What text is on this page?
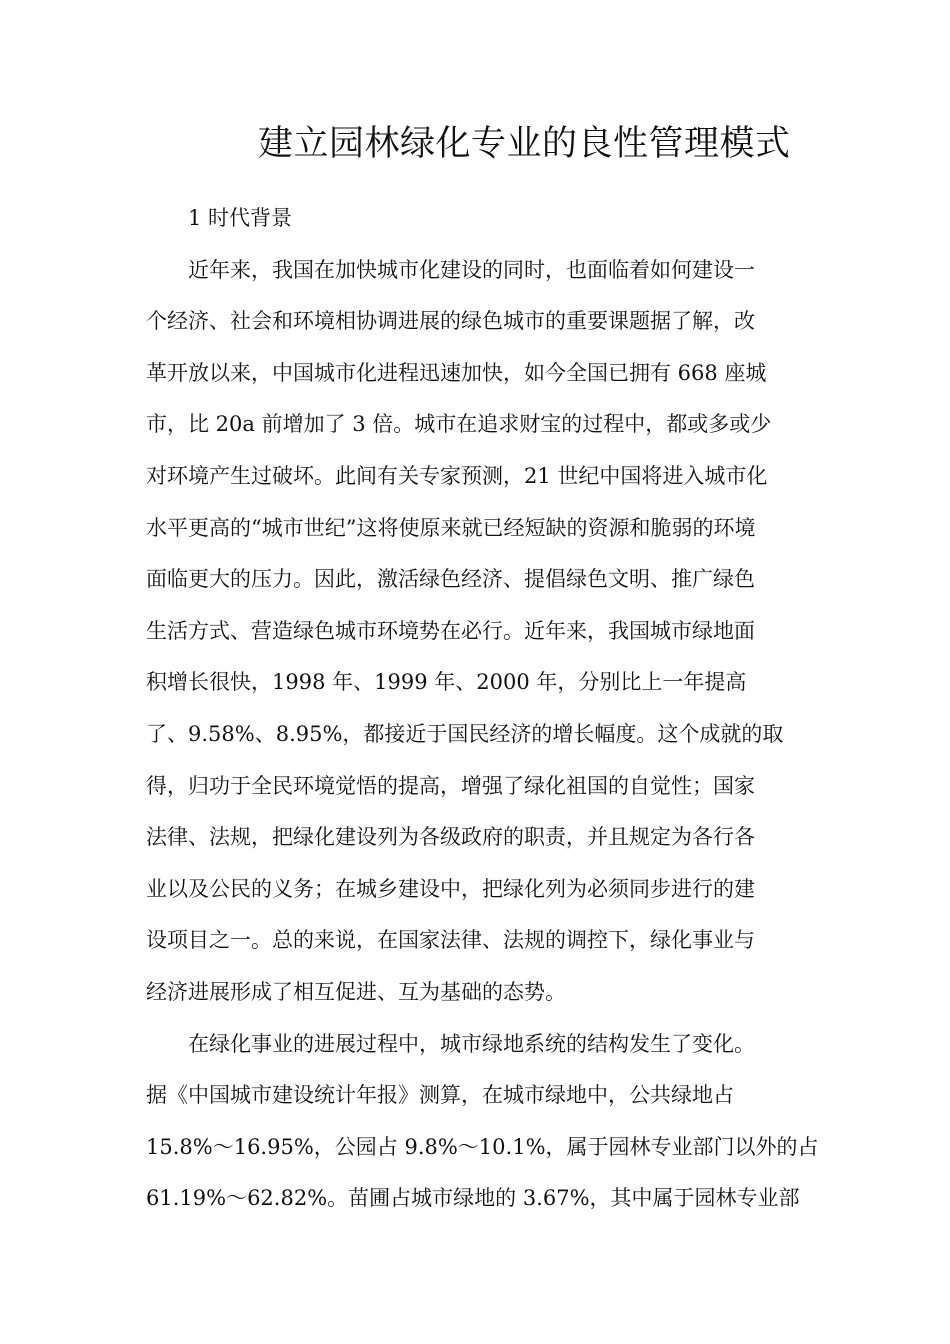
建立园林绿化专业的良性管理模式
1 时代背景
近年来，我国在加快城市化建设的同时，也面临着如何建设一
个经济、社会和环境相协调进展的绿色城市的重要课题据了解，改
革开放以来，中国城市化进程迅速加快，如今全国已拥有 668 座城
市，比 20a 前增加了 3 倍。城市在追求财宝的过程中，都或多或少
对环境产生过破坏。此间有关专家预测，21 世纪中国将进入城市化
水平更高的“城市世纪”这将使原来就已经短缺的资源和脆弱的环境
面临更大的压力。因此，激活绿色经济、提倡绿色文明、推广绿色
生活方式、营造绿色城市环境势在必行。近年来，我国城市绿地面
积增长很快，1998 年、1999 年、2000 年，分别比上一年提高
了、9.58%、8.95%，都接近于国民经济的增长幅度。这个成就的取
得，归功于全民环境觉悟的提高，增强了绿化祖国的自觉性；国家
法律、法规，把绿化建设列为各级政府的职责，并且规定为各行各
业以及公民的义务；在城乡建设中，把绿化列为必须同步进行的建
设项目之一。总的来说，在国家法律、法规的调控下，绿化事业与
经济进展形成了相互促进、互为基础的态势。
在绿化事业的进展过程中，城市绿地系统的结构发生了变化。
据《中国城市建设统计年报》测算，在城市绿地中，公共绿地占
15.8%～16.95%，公园占 9.8%～10.1%，属于园林专业部门以外的占
61.19%～62.82%。苗圃占城市绿地的 3.67%，其中属于园林专业部
